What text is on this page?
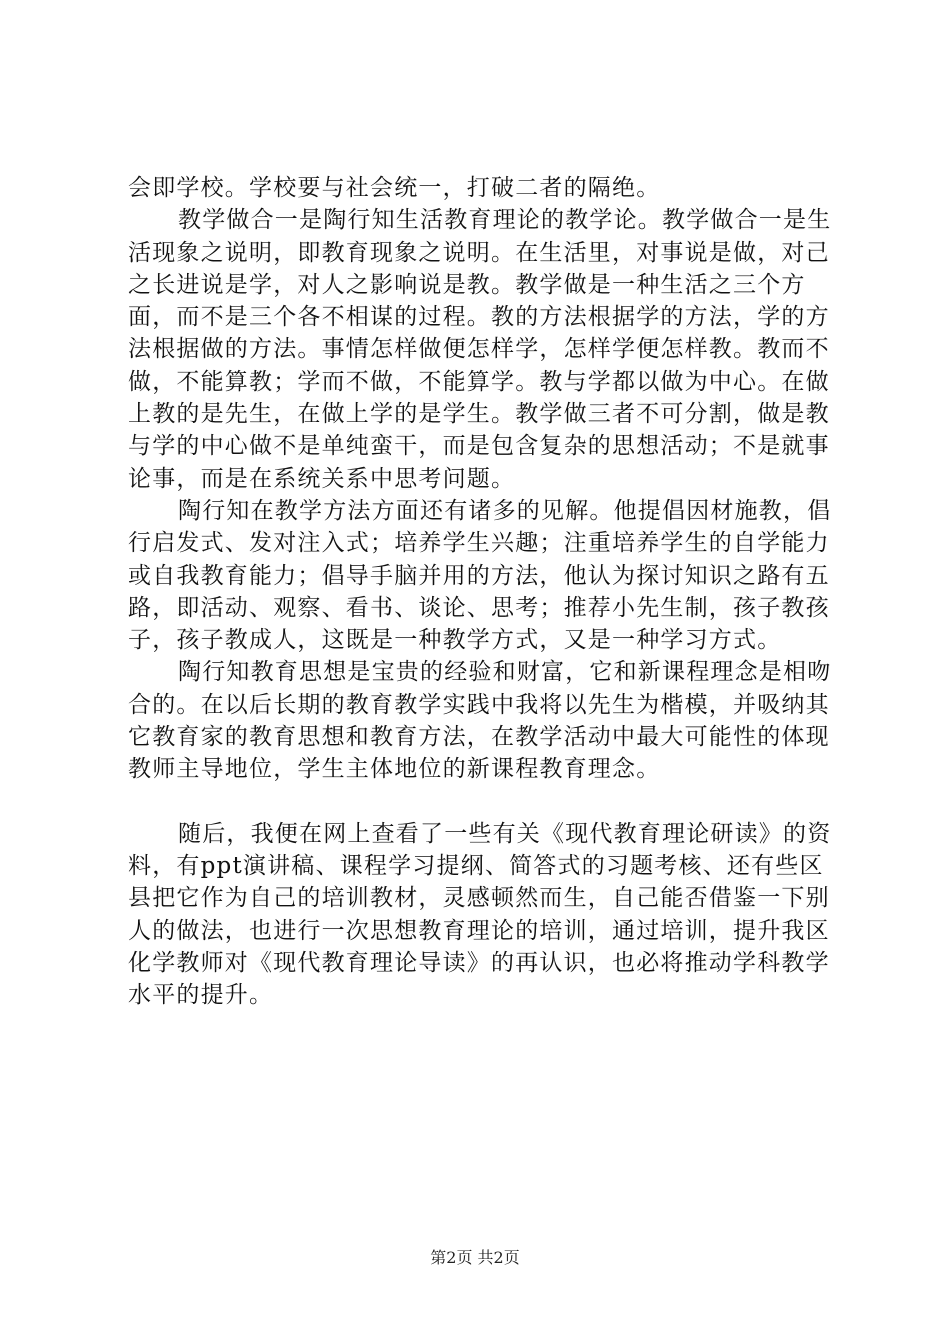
会即学校。学校要与社会统一，打破二者的隔绝。

教学做合一是陶行知生活教育理论的教学论。教学做合一是生活现象之说明，即教育现象之说明。在生活里，对事说是做，对己之长进说是学，对人之影响说是教。教学做是一种生活之三个方面，而不是三个各不相谋的过程。教的方法根据学的方法，学的方法根据做的方法。事情怎样做便怎样学，怎样学便怎样教。教而不做，不能算教；学而不做，不能算学。教与学都以做为中心。在做上教的是先生，在做上学的是学生。教学做三者不可分割，做是教与学的中心做不是单纯蛮干，而是包含复杂的思想活动；不是就事论事，而是在系统关系中思考问题。

陶行知在教学方法方面还有诸多的见解。他提倡因材施教，倡行启发式、发对注入式；培养学生兴趣；注重培养学生的自学能力或自我教育能力；倡导手脑并用的方法，他认为探讨知识之路有五路，即活动、观察、看书、谈论、思考；推荐小先生制，孩子教孩子，孩子教成人，这既是一种教学方式，又是一种学习方式。

陶行知教育思想是宝贵的经验和财富，它和新课程理念是相吻合的。在以后长期的教育教学实践中我将以先生为楷模，并吸纳其它教育家的教育思想和教育方法，在教学活动中最大可能性的体现教师主导地位，学生主体地位的新课程教育理念。

随后，我便在网上查看了一些有关《现代教育理论研读》的资料，有ppt演讲稿、课程学习提纲、简答式的习题考核、还有些区县把它作为自己的培训教材，灵感顿然而生，自己能否借鉴一下别人的做法，也进行一次思想教育理论的培训，通过培训，提升我区化学教师对《现代教育理论导读》的再认识，也必将推动学科教学水平的提升。

第2页 共2页
